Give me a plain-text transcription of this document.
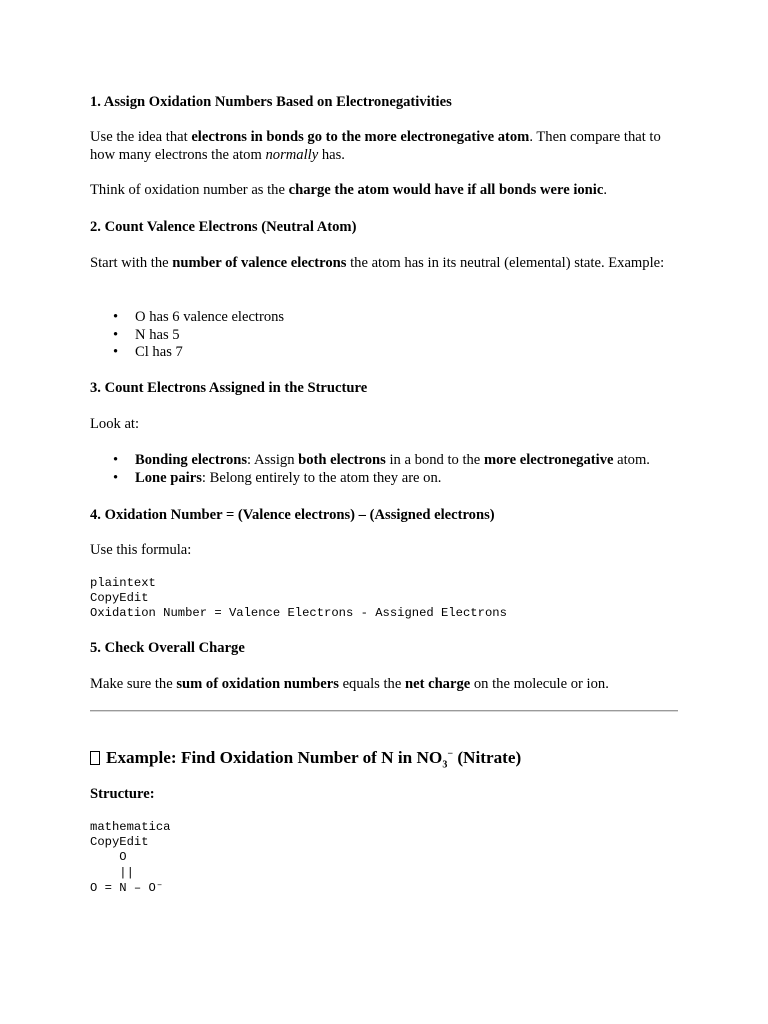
1. Assign Oxidation Numbers Based on Electronegativities

Use the idea that electrons in bonds go to the more electronegative atom. Then compare that to how many electrons the atom normally has.

Think of oxidation number as the charge the atom would have if all bonds were ionic.

2. Count Valence Electrons (Neutral Atom)

Start with the number of valence electrons the atom has in its neutral (elemental) state. Example:

• O has 6 valence electrons
• N has 5
• Cl has 7
3. Count Electrons Assigned in the Structure

Look at:

• Bonding electrons: Assign both electrons in a bond to the more electronegative atom.
• Lone pairs: Belong entirely to the atom they are on.
4. Oxidation Number = (Valence electrons) – (Assigned electrons)

Use this formula:

plaintext
CopyEdit
Oxidation Number = Valence Electrons - Assigned Electrons
5. Check Overall Charge

Make sure the sum of oxidation numbers equals the net charge on the molecule or ion.

Example: Find Oxidation Number of N in $NO_3^-$ (Nitrate)
Structure:
mathematica
CopyEdit
O
||
O = N – O⁻
